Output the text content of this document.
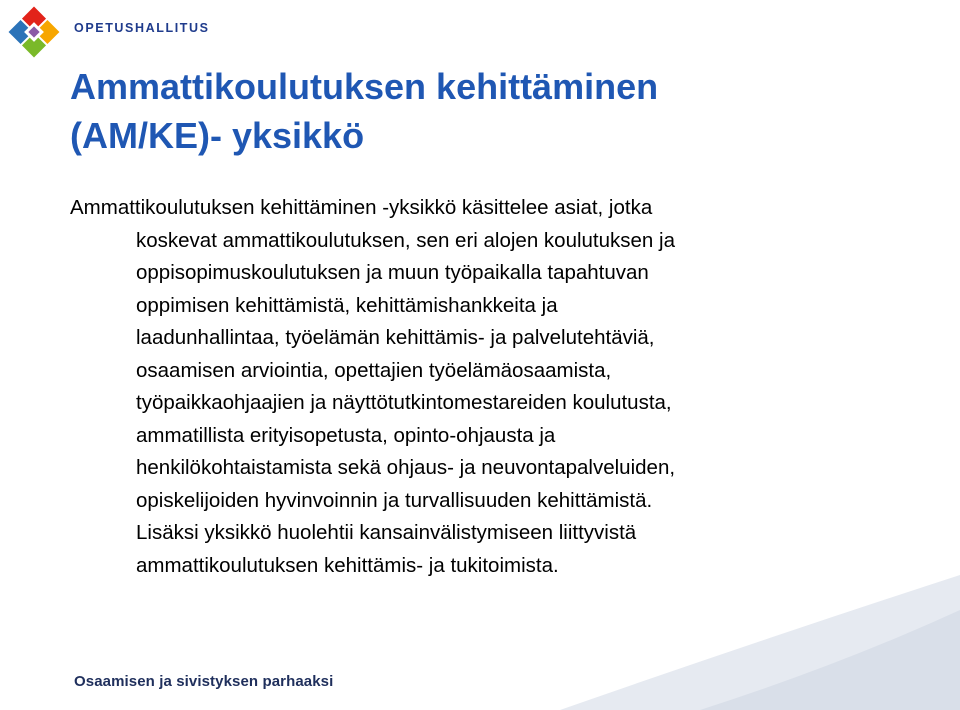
OPETUSHALLITUS
Ammattikoulutuksen kehittäminen
(AM/KE)- yksikkö

Ammattikoulutuksen kehittäminen -yksikkö käsittelee asiat, jotka
koskevat ammattikoulutuksen, sen eri alojen koulutuksen ja
oppisopimuskoulutuksen ja muun työpaikalla tapahtuvan
oppimisen kehittämistä, kehittämishankkeita ja
laadunhallintaa, työelämän kehittämis- ja palvelutehtäviä,
osaamisen arviointia, opettajien työelämäosaamista,
työpaikkaohjaajien ja näyttötutkintomestareiden koulutusta,
ammatillista erityisopetusta, opinto-ohjausta ja
henkilökohtaistamista sekä ohjaus- ja neuvontapalveluiden,
opiskelijoiden hyvinvoinnin ja turvallisuuden kehittämistä.
Lisäksi yksikkö huolehtii kansainvälistymiseen liittyvistä
ammattikoulutuksen kehittämis- ja tukitoimista.

Osaamisen ja sivistyksen parhaaksi
